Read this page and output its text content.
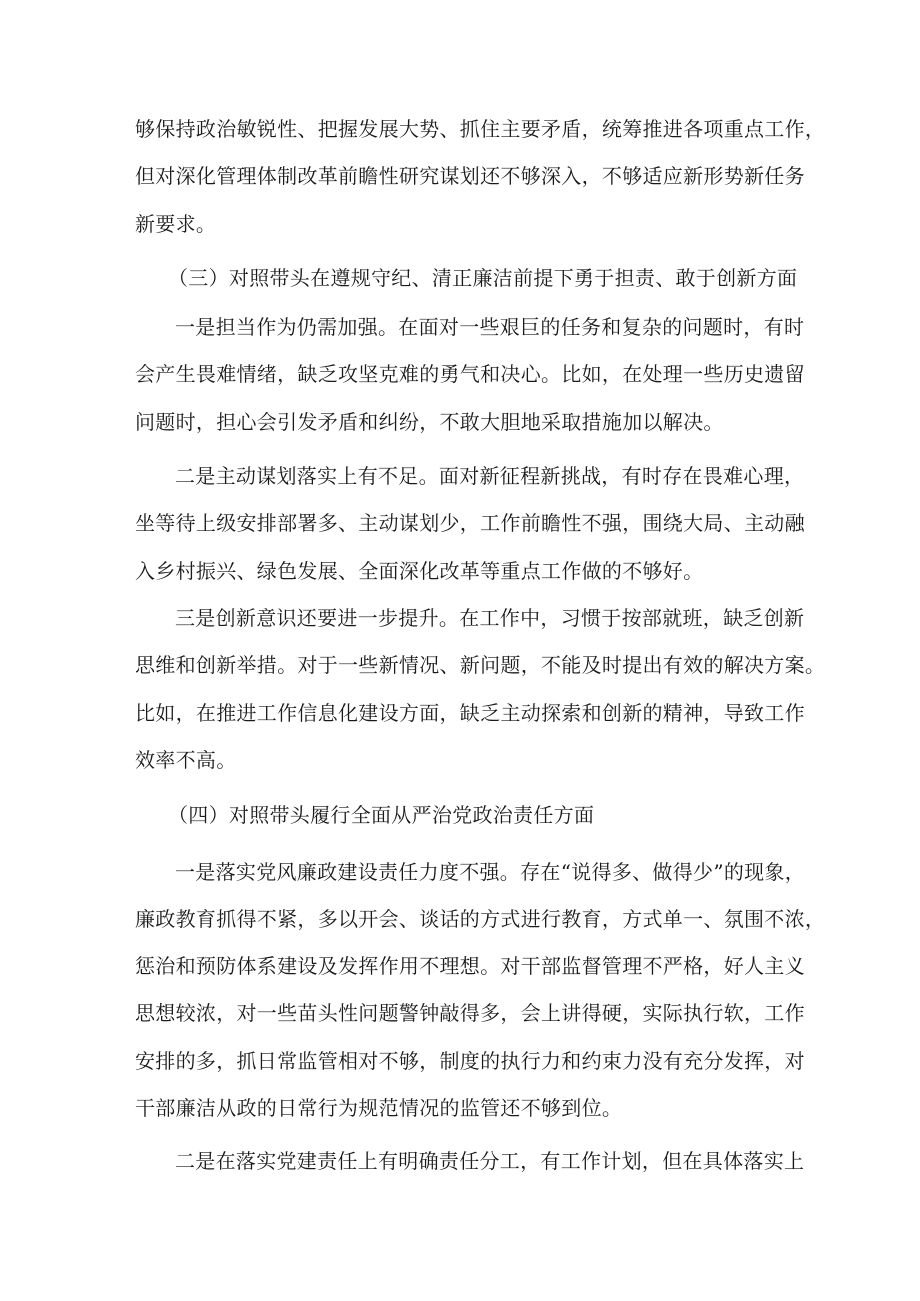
够保持政治敏锐性、把握发展大势、抓住主要矛盾，统筹推进各项重点工作，
但对深化管理体制改革前瞻性研究谋划还不够深入，不够适应新形势新任务
新要求。
（三）对照带头在遵规守纪、清正廉洁前提下勇于担责、敢于创新方面
一是担当作为仍需加强。在面对一些艰巨的任务和复杂的问题时，有时
会产生畏难情绪，缺乏攻坚克难的勇气和决心。比如，在处理一些历史遗留
问题时，担心会引发矛盾和纠纷，不敢大胆地采取措施加以解决。
二是主动谋划落实上有不足。面对新征程新挑战，有时存在畏难心理，
坐等待上级安排部署多、主动谋划少，工作前瞻性不强，围绕大局、主动融
入乡村振兴、绿色发展、全面深化改革等重点工作做的不够好。
三是创新意识还要进一步提升。在工作中，习惯于按部就班，缺乏创新
思维和创新举措。对于一些新情况、新问题，不能及时提出有效的解决方案。
比如，在推进工作信息化建设方面，缺乏主动探索和创新的精神，导致工作
效率不高。
（四）对照带头履行全面从严治党政治责任方面
一是落实党风廉政建设责任力度不强。存在“说得多、做得少”的现象，
廉政教育抓得不紧，多以开会、谈话的方式进行教育，方式单一、氛围不浓，
惩治和预防体系建设及发挥作用不理想。对干部监督管理不严格，好人主义
思想较浓，对一些苗头性问题警钟敲得多，会上讲得硬，实际执行软，工作
安排的多，抓日常监管相对不够，制度的执行力和约束力没有充分发挥，对
干部廉洁从政的日常行为规范情况的监管还不够到位。
二是在落实党建责任上有明确责任分工，有工作计划，但在具体落实上
